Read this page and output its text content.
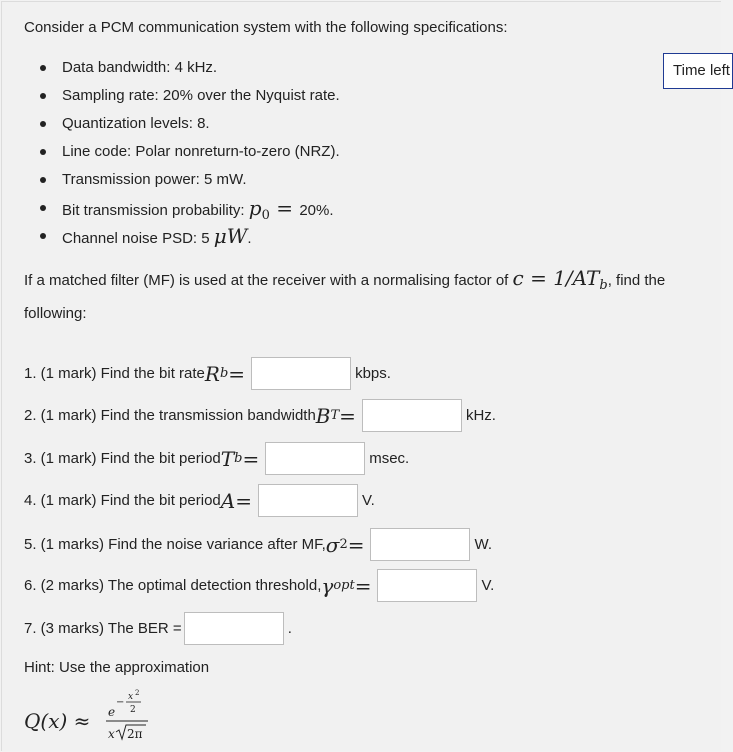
Consider a PCM communication system with the following specifications:
Time left
Data bandwidth: 4 kHz.
Sampling rate: 20% over the Nyquist rate.
Quantization levels: 8.
Line code: Polar nonreturn-to-zero (NRZ).
Transmission power: 5 mW.
Bit transmission probability: $p_0 = 20\%$.
Channel noise PSD: 5 μW.
If a matched filter (MF) is used at the receiver with a normalising factor of $c = 1/AT_b$, find the following:
1. (1 mark) Find the bit rate R b =	kbps.
2. (1 mark) Find the transmission bandwidth B T =	kHz.
3. (1 mark) Find the bit period T b =	msec.
4. (1 mark) Find the bit period A =	V.
5. (1 marks) Find the noise variance after MF, σ 2 =	W.
6. (2 marks) The optimal detection threshold, γ opt =	V.
7. (3 marks) The BER =	.
Hint: Use the approximation
Q(x) ≈ e
− x 2
2
x 2π
